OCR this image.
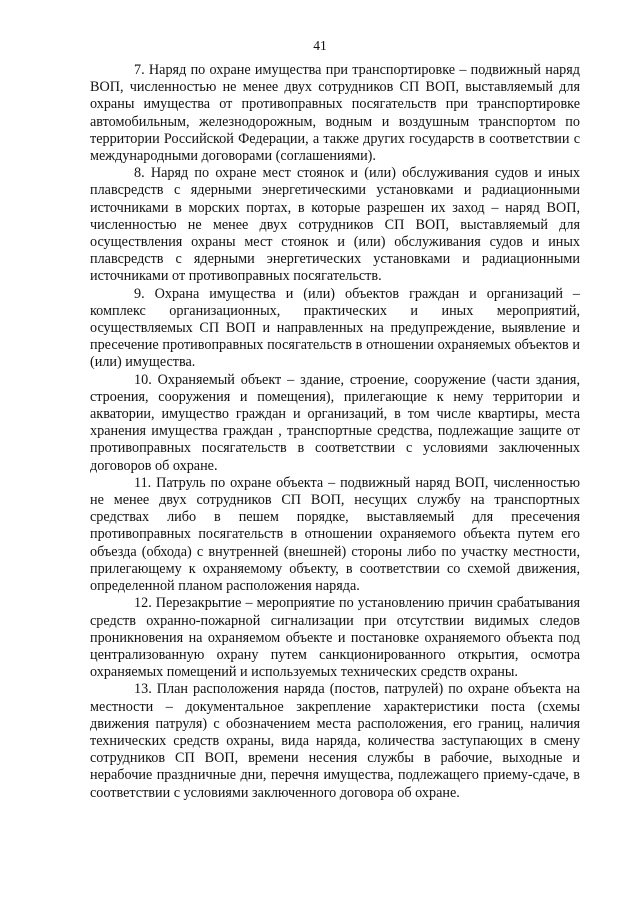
41

7. Наряд по охране имущества при транспортировке – подвижный наряд ВОП, численностью не менее двух сотрудников СП ВОП, выставляемый для охраны имущества от противоправных посягательств при транспортировке автомобильным, железнодорожным, водным и воздушным транспортом по территории Российской Федерации, а также других государств в соответствии с международными договорами (соглашениями).

8. Наряд по охране мест стоянок и (или) обслуживания судов и иных плавсредств с ядерными энергетическими установками и радиационными источниками в морских портах, в которые разрешен их заход – наряд ВОП, численностью не менее двух сотрудников СП ВОП, выставляемый для осуществления охраны мест стоянок и (или) обслуживания судов и иных плавсредств с ядерными энергетических установками и радиационными источниками от противоправных посягательств.

9. Охрана имущества и (или) объектов граждан и организаций – комплекс организационных, практических и иных мероприятий, осуществляемых СП ВОП и направленных на предупреждение, выявление и пресечение противоправных посягательств в отношении охраняемых объектов и (или) имущества.

10. Охраняемый объект – здание, строение, сооружение (части здания, строения, сооружения и помещения), прилегающие к нему территории и акватории, имущество граждан и организаций, в том числе квартиры, места хранения имущества граждан , транспортные средства, подлежащие защите от противоправных посягательств в соответствии с условиями заключенных договоров об охране.

11. Патруль по охране объекта – подвижный наряд ВОП, численностью не менее двух сотрудников СП ВОП, несущих службу на транспортных средствах либо в пешем порядке, выставляемый для пресечения противоправных посягательств в отношении охраняемого объекта путем его объезда (обхода) с внутренней (внешней) стороны либо по участку местности, прилегающему к охраняемому объекту, в соответствии со схемой движения, определенной планом расположения наряда.

12. Перезакрытие – мероприятие по установлению причин срабатывания средств охранно-пожарной сигнализации при отсутствии видимых следов проникновения на охраняемом объекте и постановке охраняемого объекта под централизованную охрану путем санкционированного открытия, осмотра охраняемых помещений и используемых технических средств охраны.

13. План расположения наряда (постов, патрулей) по охране объекта на местности – документальное закрепление характеристики поста (схемы движения патруля) с обозначением места расположения, его границ, наличия технических средств охраны, вида наряда, количества заступающих в смену сотрудников СП ВОП, времени несения службы в рабочие, выходные и нерабочие праздничные дни, перечня имущества, подлежащего приему-сдаче, в соответствии с условиями заключенного договора об охране.
